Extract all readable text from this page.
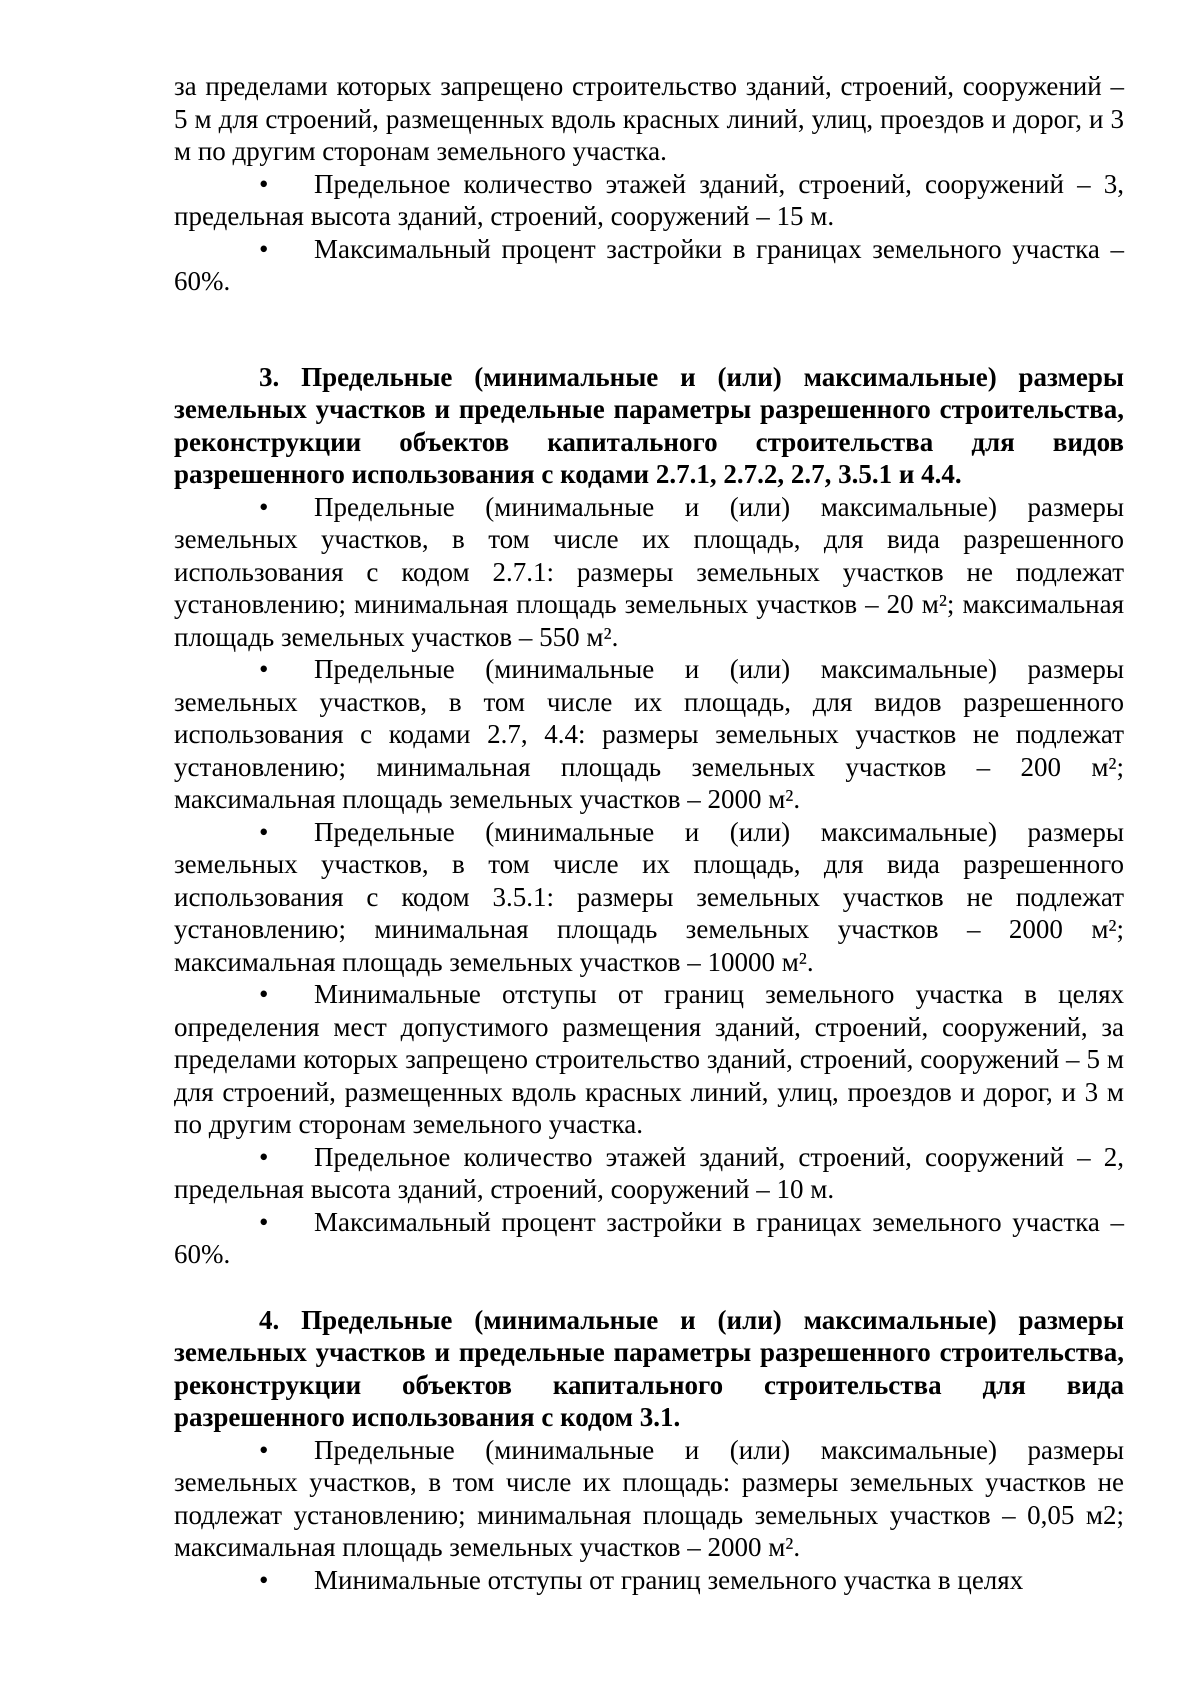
за пределами которых запрещено строительство зданий, строений, сооружений – 5 м для строений, размещенных вдоль красных линий, улиц, проездов и дорог, и 3 м по другим сторонам земельного участка.

• Предельное количество этажей зданий, строений, сооружений – 3, предельная высота зданий, строений, сооружений – 15 м.

• Максимальный процент застройки в границах земельного участка – 60%.

3. Предельные (минимальные и (или) максимальные) размеры земельных участков и предельные параметры разрешенного строительства, реконструкции объектов капитального строительства для видов разрешенного использования с кодами 2.7.1, 2.7.2, 2.7, 3.5.1 и 4.4.

• Предельные (минимальные и (или) максимальные) размеры земельных участков, в том числе их площадь, для вида разрешенного использования с кодом 2.7.1: размеры земельных участков не подлежат установлению; минимальная площадь земельных участков – 20 м²; максимальная площадь земельных участков – 550 м².

• Предельные (минимальные и (или) максимальные) размеры земельных участков, в том числе их площадь, для видов разрешенного использования с кодами 2.7, 4.4: размеры земельных участков не подлежат установлению; минимальная площадь земельных участков – 200 м²; максимальная площадь земельных участков – 2000 м².

• Предельные (минимальные и (или) максимальные) размеры земельных участков, в том числе их площадь, для вида разрешенного использования с кодом 3.5.1: размеры земельных участков не подлежат установлению; минимальная площадь земельных участков – 2000 м²; максимальная площадь земельных участков – 10000 м².

• Минимальные отступы от границ земельного участка в целях определения мест допустимого размещения зданий, строений, сооружений, за пределами которых запрещено строительство зданий, строений, сооружений – 5 м для строений, размещенных вдоль красных линий, улиц, проездов и дорог, и 3 м по другим сторонам земельного участка.

• Предельное количество этажей зданий, строений, сооружений – 2, предельная высота зданий, строений, сооружений – 10 м.

• Максимальный процент застройки в границах земельного участка – 60%.

4. Предельные (минимальные и (или) максимальные) размеры земельных участков и предельные параметры разрешенного строительства, реконструкции объектов капитального строительства для вида разрешенного использования с кодом 3.1.

• Предельные (минимальные и (или) максимальные) размеры земельных участков, в том числе их площадь: размеры земельных участков не подлежат установлению; минимальная площадь земельных участков – 0,05 м2; максимальная площадь земельных участков – 2000 м².

• Минимальные отступы от границ земельного участка в целях
